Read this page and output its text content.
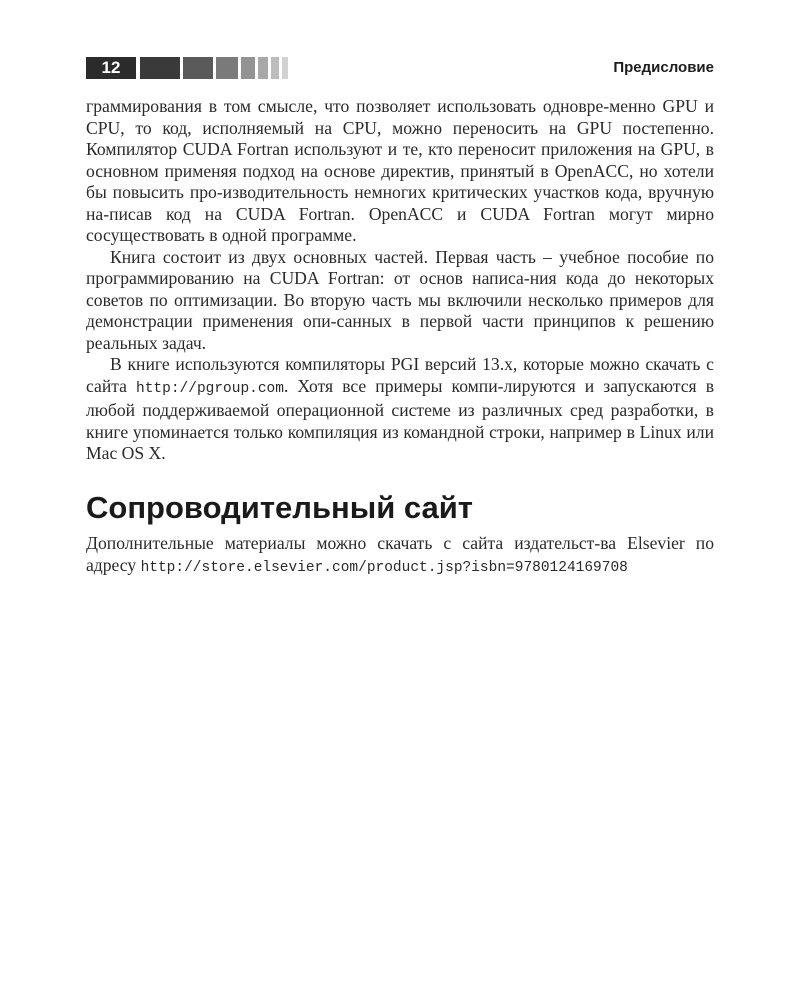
12	Предисловие

граммирования в том смысле, что позволяет использовать одновре-менно GPU и CPU, то код, исполняемый на CPU, можно переносить на GPU постепенно. Компилятор CUDA Fortran используют и те, кто переносит приложения на GPU, в основном применяя подход на основе директив, принятый в OpenACC, но хотели бы повысить про-изводительность немногих критических участков кода, вручную на-писав код на CUDA Fortran. OpenACC и CUDA Fortran могут мирно сосуществовать в одной программе.

Книга состоит из двух основных частей. Первая часть – учебное пособие по программированию на CUDA Fortran: от основ написа-ния кода до некоторых советов по оптимизации. Во вторую часть мы включили несколько примеров для демонстрации применения опи-санных в первой части принципов к решению реальных задач.

В книге используются компиляторы PGI версий 13.x, которые можно скачать с сайта http://pgroup.com. Хотя все примеры компи-лируются и запускаются в любой поддерживаемой операционной системе из различных сред разработки, в книге упоминается только компиляция из командной строки, например в Linux или Mac OS X.

Сопроводительный сайт

Дополнительные материалы можно скачать с сайта издательст-ва Elsevier по адресу http://store.elsevier.com/product.jsp?isbn=9780124169708
